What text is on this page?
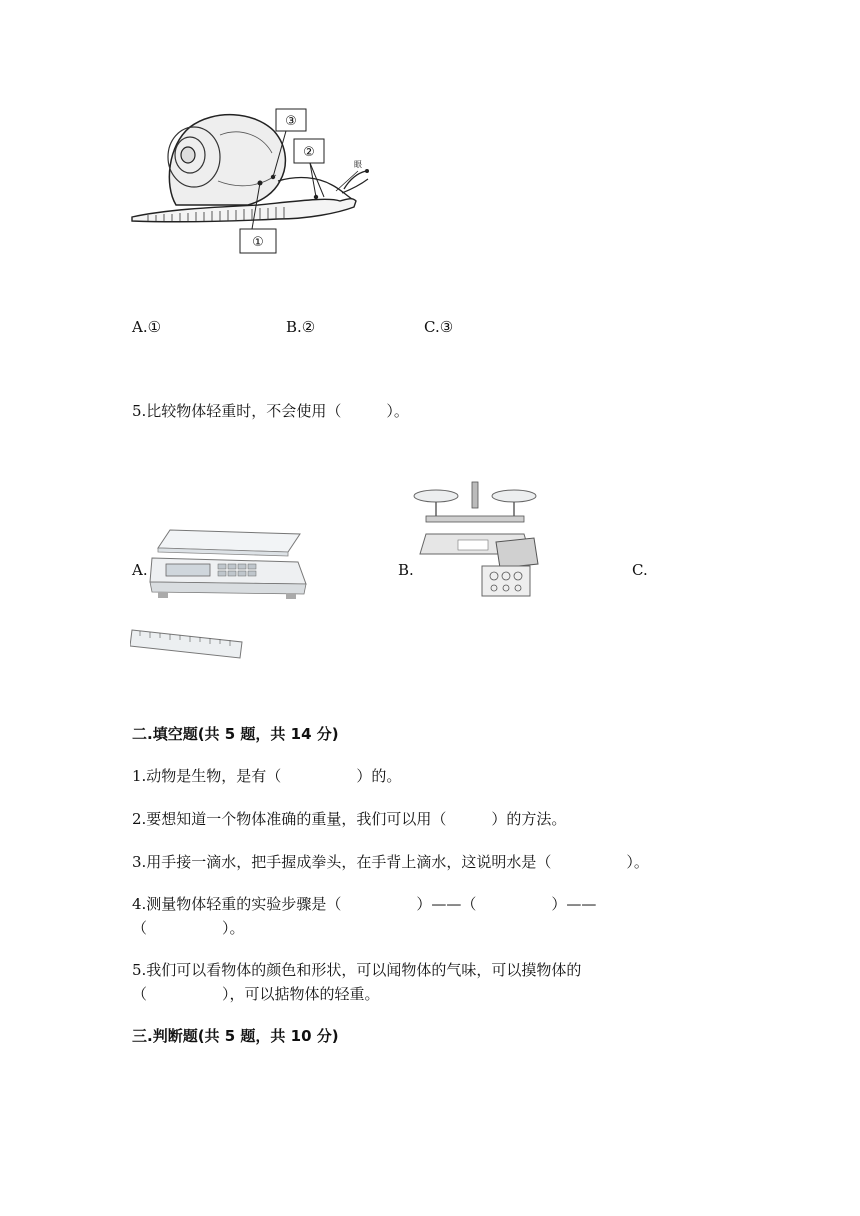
③
②
①
眼
A.①	B.②	C.③
5.比较物体轻重时，不会使用（　　　）。
A.	B.	C.
二.填空题(共 5 题，共 14 分)
1.动物是生物，是有（　　　　　）的。
2.要想知道一个物体准确的重量，我们可以用（　　　）的方法。
3.用手接一滴水，把手握成拳头，在手背上滴水，这说明水是（　　　　　）。
4.测量物体轻重的实验步骤是（　　　　　）——（　　　　　）——
（　　　　　）。
5.我们可以看物体的颜色和形状，可以闻物体的气味，可以摸物体的
（　　　　　），可以掂物体的轻重。
三.判断题(共 5 题，共 10 分)
